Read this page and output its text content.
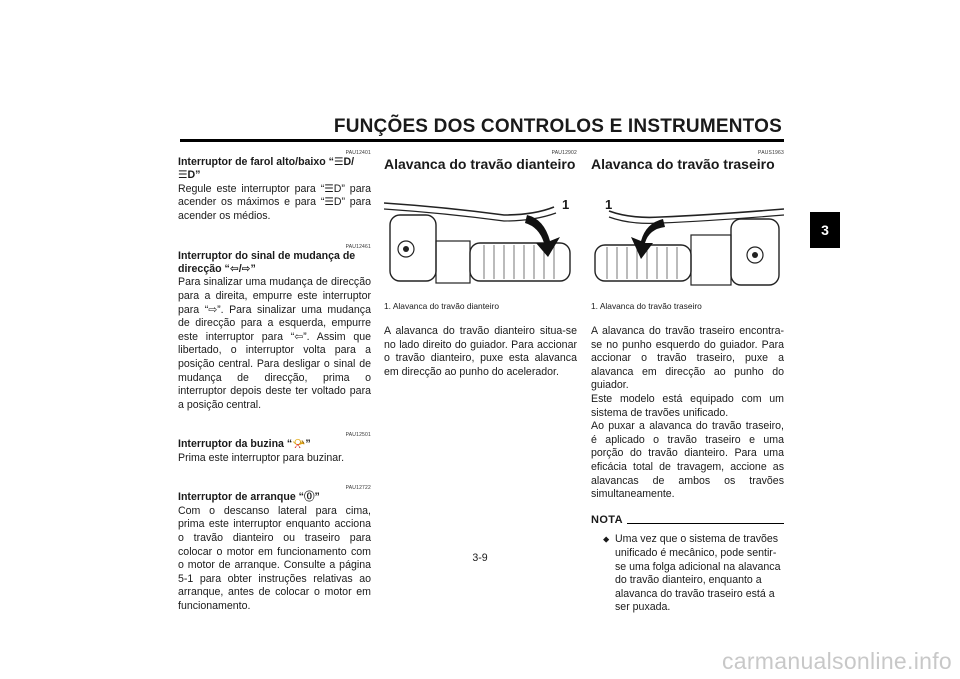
FUNÇÕES DOS CONTROLOS E INSTRUMENTOS
3
PAU12401

Interruptor de farol alto/baixo “☰D/☰D”

Regule este interruptor para “☰D” para acender os máximos e para “☰D” para acender os médios.

PAU12461

Interruptor do sinal de mudança de direcção “⇦/⇨”

Para sinalizar uma mudança de direcção para a direita, empurre este interruptor para “⇨”. Para sinalizar uma mudança de direcção para a esquerda, empurre este interruptor para “⇦”. Assim que libertado, o interruptor volta para a posição central. Para desligar o sinal de mudança de direcção, prima o interruptor depois deste ter voltado para a posição central.

PAU12501

Interruptor da buzina “📯”

Prima este interruptor para buzinar.

PAU12722

Interruptor de arranque “⓪”

Com o descanso lateral para cima, prima este interruptor enquanto acciona o travão dianteiro ou traseiro para colocar o motor em funcionamento com o motor de arranque. Consulte a página 5-1 para obter instruções relativas ao arranque, antes de colocar o motor em funcionamento.

PAU12902

Alavanca do travão dianteiro

1

1. Alavanca do travão dianteiro

A alavanca do travão dianteiro situa-se no lado direito do guiador. Para accionar o travão dianteiro, puxe esta alavanca em direcção ao punho do acelerador.

PAUS1963

Alavanca do travão traseiro

1

1. Alavanca do travão traseiro

A alavanca do travão traseiro encontra-se no punho esquerdo do guiador. Para accionar o travão traseiro, puxe a alavanca em direcção ao punho do guiador.

Este modelo está equipado com um sistema de travões unificado.

Ao puxar a alavanca do travão traseiro, é aplicado o travão traseiro e uma porção do travão dianteiro. Para uma eficácia total de travagem, accione as alavancas de ambos os travões simultaneamente.

NOTA
⬥ Uma vez que o sistema de travões unificado é mecânico, pode sentir-se uma folga adicional na alavanca do travão dianteiro, enquanto a alavanca do travão traseiro está a ser puxada.
3-9
carmanualsonline.info
